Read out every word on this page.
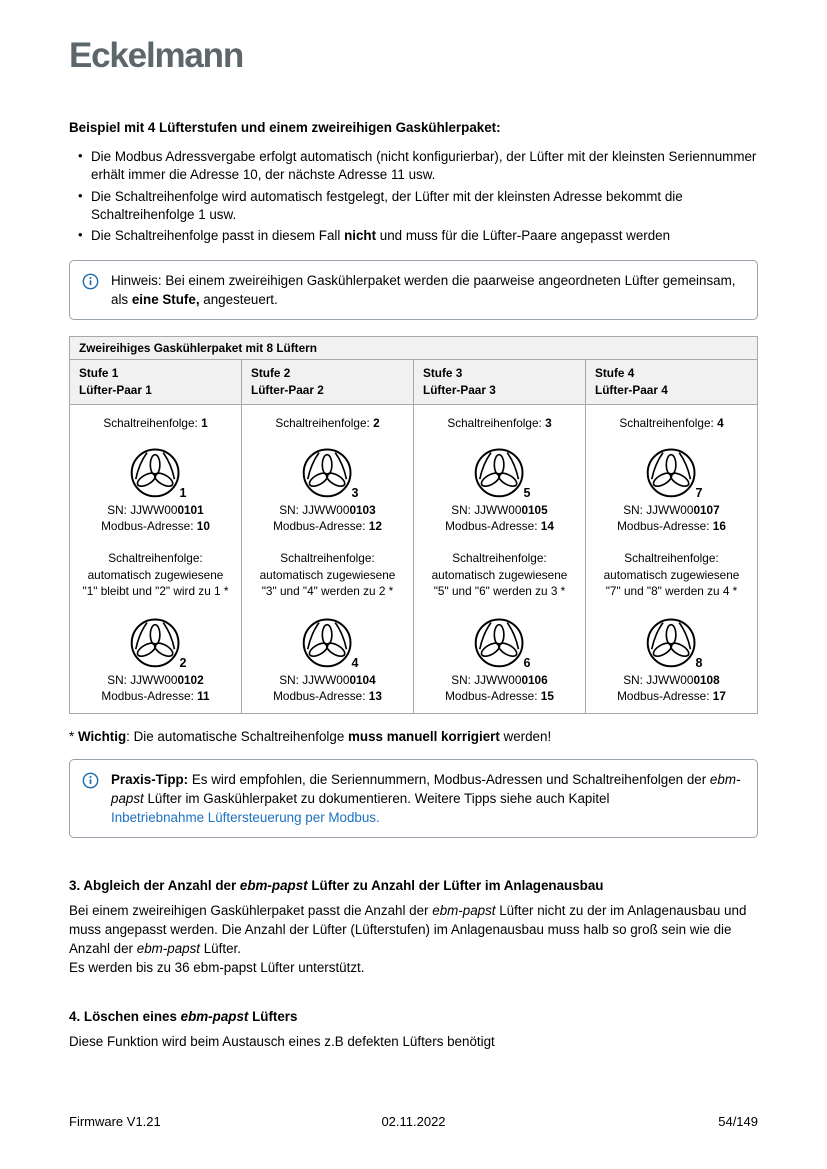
Eckelmann
Beispiel mit 4 Lüfterstufen und einem zweireihigen Gaskühlerpaket:
• Die Modbus Adressvergabe erfolgt automatisch (nicht konfigurierbar), der Lüfter mit der kleinsten Seriennummer erhält immer die Adresse 10, der nächste Adresse 11 usw.
• Die Schaltreihenfolge wird automatisch festgelegt, der Lüfter mit der kleinsten Adresse bekommt die Schaltreihenfolge 1 usw.
• Die Schaltreihenfolge passt in diesem Fall nicht und muss für die Lüfter-Paare angepasst werden
Hinweis: Bei einem zweireihigen Gaskühlerpaket werden die paarweise angeordneten Lüfter gemeinsam, als eine Stufe, angesteuert.
Zweireihiges Gaskühlerpaket mit 8 Lüftern			

Stufe 1
Lüfter-Paar 1

Stufe 2
Lüfter-Paar 2

Stufe 3
Lüfter-Paar 3

Stufe 4
Lüfter-Paar 4

Schaltreihenfolge: 1
1
SN: JJWW000101
Modbus-Adresse: 10
Schaltreihenfolge:
automatisch zugewiesene
"1" bleibt und "2" wird zu 1 *
2
SN: JJWW000102
Modbus-Adresse: 11

Schaltreihenfolge: 2
3
SN: JJWW000103
Modbus-Adresse: 12
Schaltreihenfolge:
automatisch zugewiesene
"3" und "4" werden zu 2 *
4
SN: JJWW000104
Modbus-Adresse: 13

Schaltreihenfolge: 3
5
SN: JJWW000105
Modbus-Adresse: 14
Schaltreihenfolge:
automatisch zugewiesene
"5" und "6" werden zu 3 *
6
SN: JJWW000106
Modbus-Adresse: 15

Schaltreihenfolge: 4
7
SN: JJWW000107
Modbus-Adresse: 16
Schaltreihenfolge:
automatisch zugewiesene
"7" und "8" werden zu 4 *
8
SN: JJWW000108
Modbus-Adresse: 17
* Wichtig: Die automatische Schaltreihenfolge muss manuell korrigiert werden!
Praxis-Tipp: Es wird empfohlen, die Seriennummern, Modbus-Adressen und Schaltreihenfolgen der ebm-papst Lüfter im Gaskühlerpaket zu dokumentieren. Weitere Tipps siehe auch Kapitel
Inbetriebnahme Lüftersteuerung per Modbus.
3. Abgleich der Anzahl der ebm-papst Lüfter zu Anzahl der Lüfter im Anlagenausbau
Bei einem zweireihigen Gaskühlerpaket passt die Anzahl der ebm-papst Lüfter nicht zu der im Anlagenausbau und muss angepasst werden. Die Anzahl der Lüfter (Lüfterstufen) im Anlagenausbau muss halb so groß sein wie die Anzahl der ebm-papst Lüfter.
Es werden bis zu 36 ebm-papst Lüfter unterstützt.
4. Löschen eines ebm-papst Lüfters
Diese Funktion wird beim Austausch eines z.B defekten Lüfters benötigt
Firmware V1.21	02.11.2022	54/149
